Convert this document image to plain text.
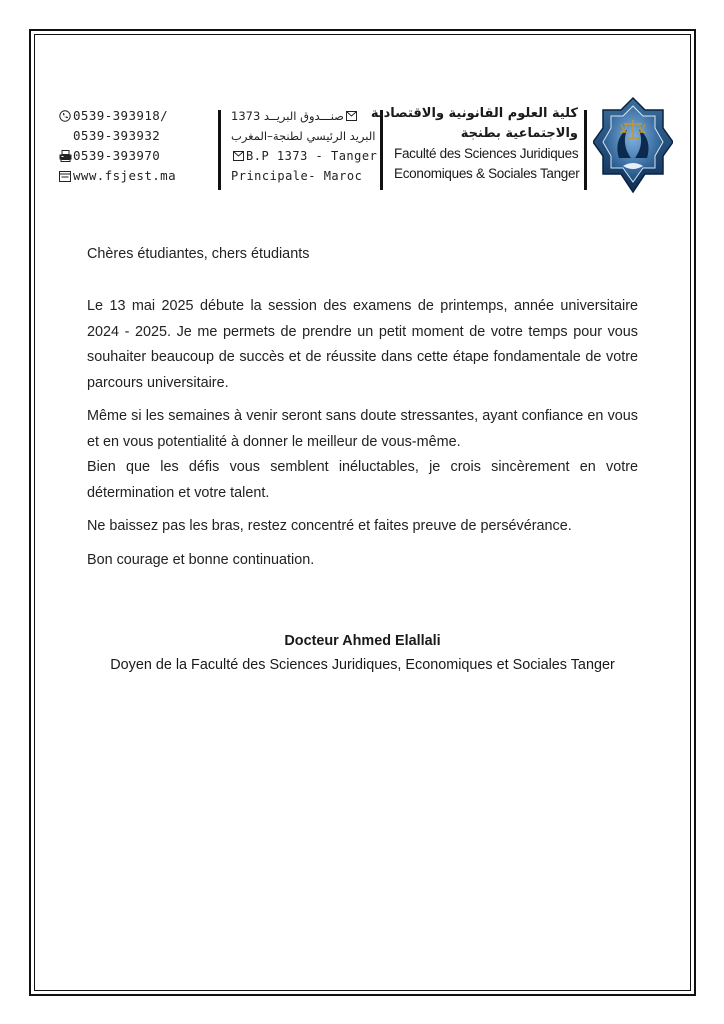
0539-393918/
0539-393932
0539-393970
www.fsjest.ma
صنـــدوق البريــد 1373
البريد الرئيسي لطنجة–المغرب
B.P 1373 - Tanger
Principale- Maroc
كلية العلوم القانونية والاقتصادية
والاجتماعية بطنجة
Faculté des Sciences Juridiques
Economiques & Sociales Tanger
Chères étudiantes, chers étudiants
Le 13 mai 2025 débute la session des examens de printemps, année universitaire
2024 - 2025. Je me permets de prendre un petit moment de votre temps pour vous
souhaiter beaucoup de succès et de réussite dans cette étape fondamentale de votre
parcours universitaire.
Même si les semaines à venir seront sans doute stressantes, ayant confiance en vous
et en vous potentialité à donner le meilleur de vous-même.
Bien que les défis vous semblent inéluctables, je crois sincèrement en votre
détermination et votre talent.
Ne baissez pas les bras, restez concentré et faites preuve de persévérance.
Bon courage et bonne continuation.
Docteur Ahmed Elallali
Doyen de la Faculté des Sciences Juridiques, Economiques et Sociales Tanger
